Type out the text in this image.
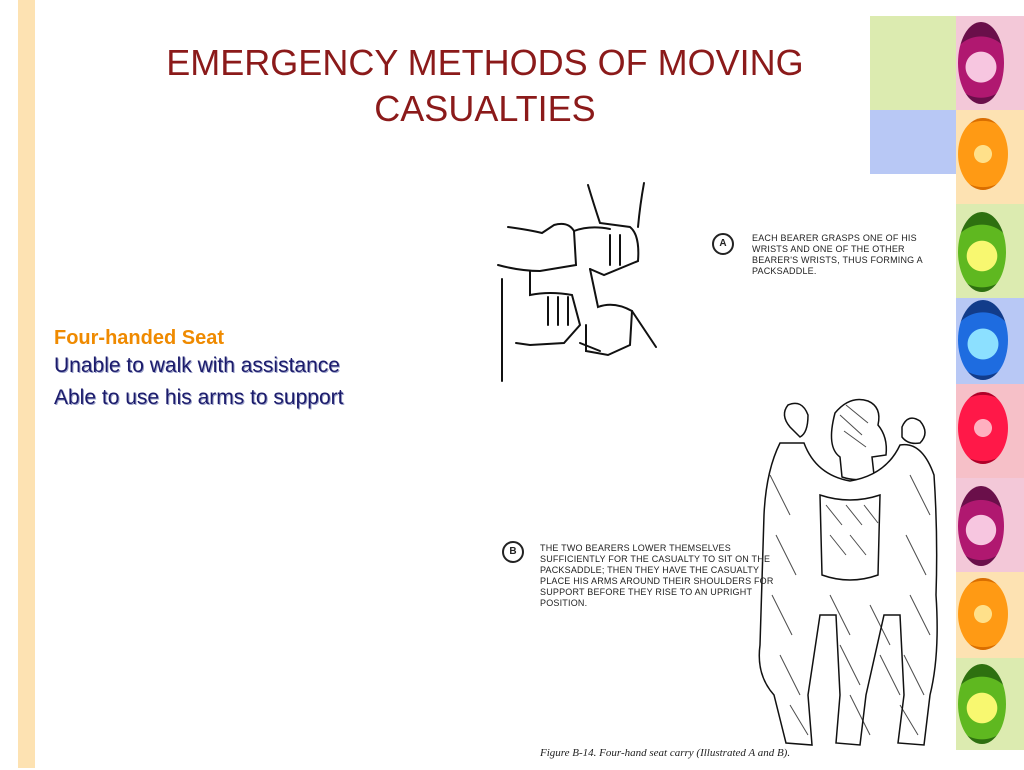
EMERGENCY METHODS OF MOVING CASUALTIES
Four-handed Seat
Unable to walk with assistance
Able to use his arms to support
A	EACH BEARER GRASPS ONE OF HIS WRISTS AND ONE OF THE OTHER BEARER'S WRISTS, THUS FORMING A PACKSADDLE.
B	THE TWO BEARERS LOWER THEMSELVES SUFFICIENTLY FOR THE CASUALTY TO SIT ON THE PACKSADDLE; THEN THEY HAVE THE CASUALTY PLACE HIS ARMS AROUND THEIR SHOULDERS FOR SUPPORT BEFORE THEY RISE TO AN UPRIGHT POSITION.
Figure B-14. Four-hand seat carry (Illustrated A and B).
